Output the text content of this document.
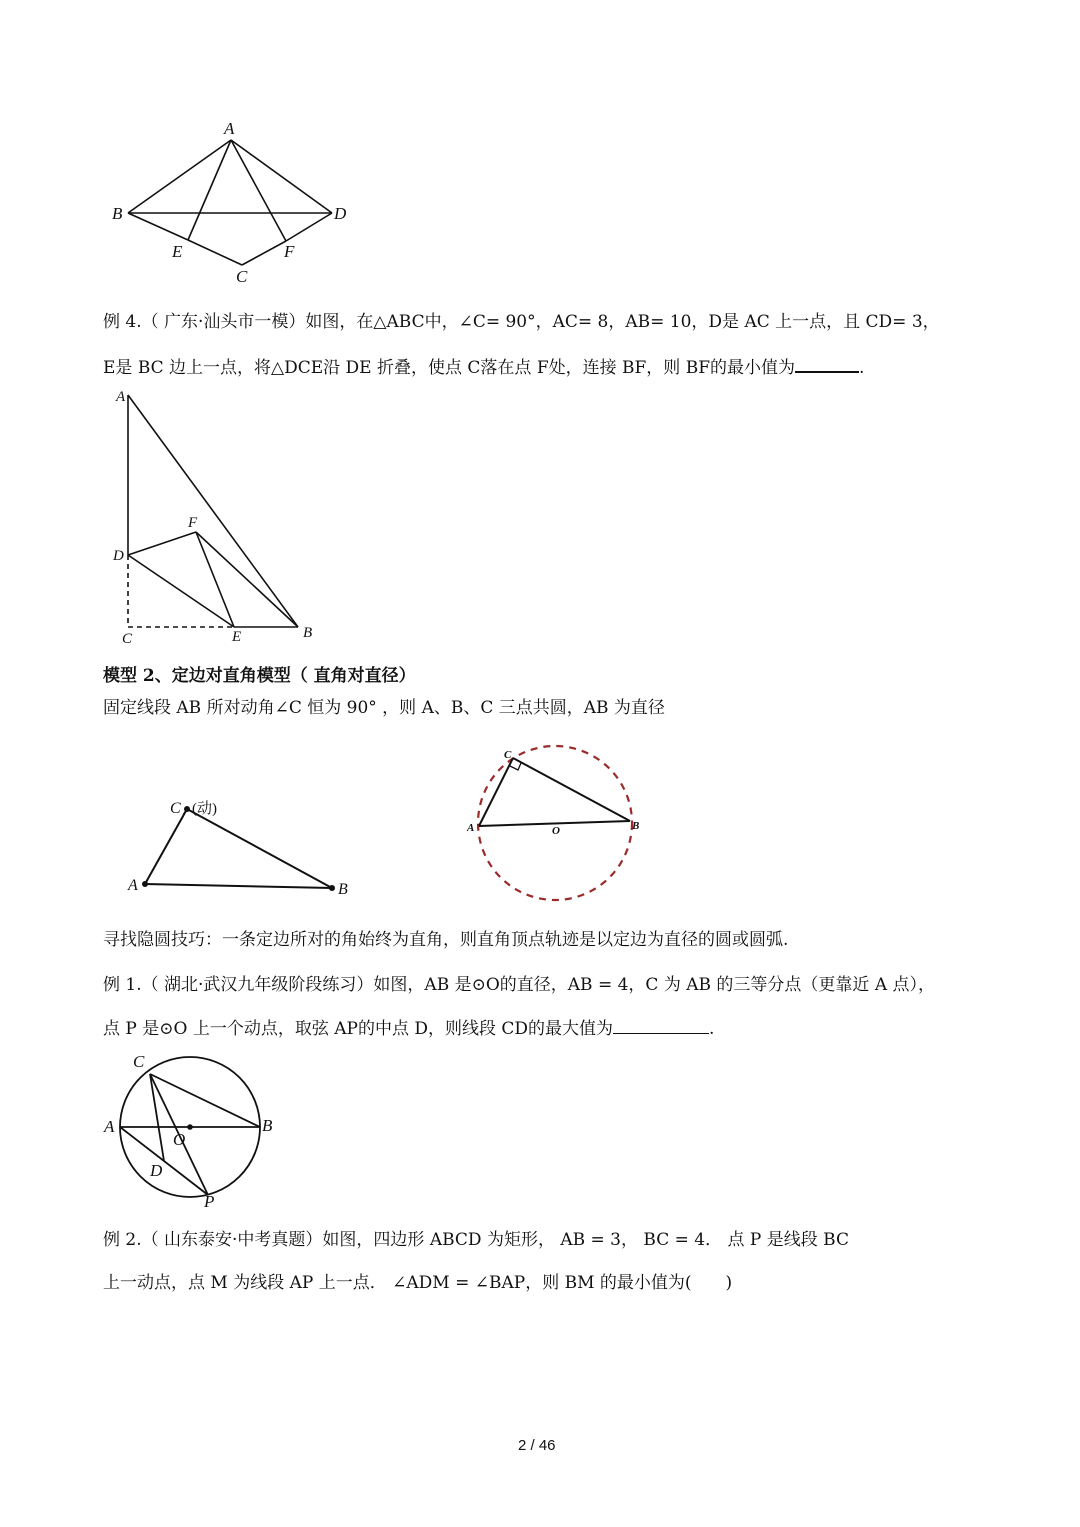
A
B	D
E	F
C
例 4.（ 广东·汕头市一模）如图，在△ABC中，∠C= 90°，AC= 8，AB= 10，D是 AC 上一点，且 CD= 3，
E是 BC 边上一点，将△DCE沿 DE 折叠，使点 C落在点 F处，连接 BF，则 BF的最小值为	.
A
F
D
C	E	B
模型 2、定边对直角模型（ 直角对直径）
固定线段 AB 所对动角∠C 恒为 90° ，则 A、B、C 三点共圆，AB 为直径
C (动)
A	B
C
A	O	B
寻找隐圆技巧：一条定边所对的角始终为直角，则直角顶点轨迹是以定边为直径的圆或圆弧.
例 1.（ 湖北·武汉九年级阶段练习）如图，AB 是⊙O的直径，AB = 4，C 为 AB 的三等分点（更靠近 A 点），
点 P 是⊙O 上一个动点，取弦 AP的中点 D，则线段 CD的最大值为	.
C
A
O
B
D
P
例 2.（ 山东泰安·中考真题）如图，四边形 ABCD 为矩形， AB = 3， BC = 4． 点 P 是线段 BC
上一动点，点 M 为线段 AP 上一点． ∠ADM = ∠BAP，则 BM 的最小值为(　　)
2 / 46
